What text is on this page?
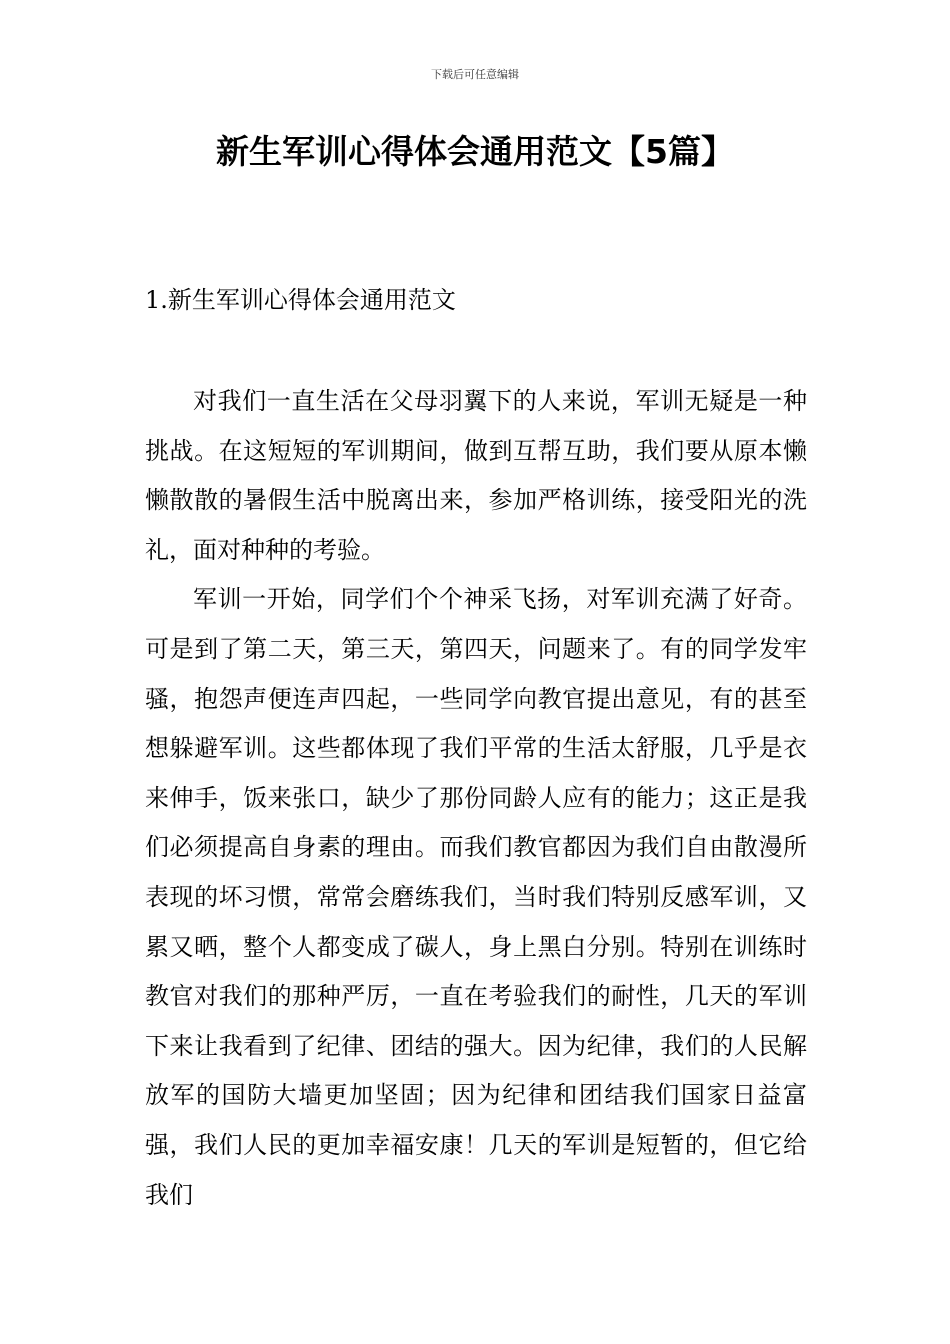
下载后可任意编辑
新生军训心得体会通用范文【5篇】
1.新生军训心得体会通用范文

对我们一直生活在父母羽翼下的人来说，军训无疑是一种挑战。在这短短的军训期间，做到互帮互助，我们要从原本懒懒散散的暑假生活中脱离出来，参加严格训练，接受阳光的洗礼，面对种种的考验。

军训一开始，同学们个个神采飞扬，对军训充满了好奇。可是到了第二天，第三天，第四天，问题来了。有的同学发牢骚，抱怨声便连声四起，一些同学向教官提出意见，有的甚至想躲避军训。这些都体现了我们平常的生活太舒服，几乎是衣来伸手，饭来张口，缺少了那份同龄人应有的能力；这正是我们必须提高自身素的理由。而我们教官都因为我们自由散漫所表现的坏习惯，常常会磨练我们，当时我们特别反感军训，又累又晒，整个人都变成了碳人，身上黑白分别。特别在训练时教官对我们的那种严厉，一直在考验我们的耐性，几天的军训下来让我看到了纪律、团结的强大。因为纪律，我们的人民解放军的国防大墙更加坚固；因为纪律和团结我们国家日益富强，我们人民的更加幸福安康！几天的军训是短暂的，但它给我们
